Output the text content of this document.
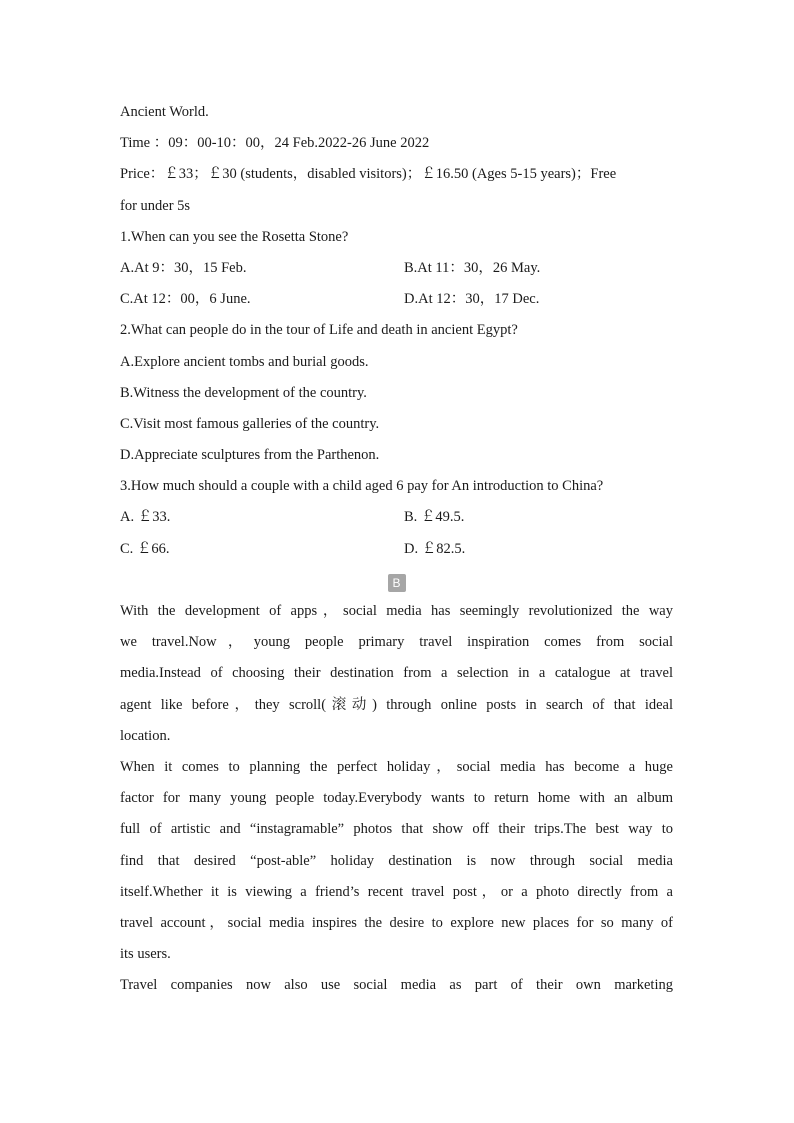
Ancient World.
Time ：09：00-10：00，24 Feb.2022-26 June 2022
Price：￡33；￡30 (students，disabled visitors)；￡16.50 (Ages 5-15 years)；Free
for under 5s
1.When can you see the Rosetta Stone?
A.At 9：30，15 Feb.	B.At 11：30，26 May.
C.At 12：00，6 June.	D.At 12：30，17 Dec.
2.What can people do in the tour of Life and death in ancient Egypt?
A.Explore ancient tombs and burial goods.
B.Witness the development of the country.
C.Visit most famous galleries of the country.
D.Appreciate sculptures from the Parthenon.
3.How much should a couple with a child aged 6 pay for An introduction to China?
A. ￡33.	B. ￡49.5.
C. ￡66.	D. ￡82.5.
B
With the development of apps，social media has seemingly revolutionized the way
we travel.Now，young people primary travel inspiration comes from social
media.Instead of choosing their destination from a selection in a catalogue at travel
agent like before，they scroll(滚动) through online posts in search of that ideal
location.
When it comes to planning the perfect holiday，social media has become a huge
factor for many young people today.Everybody wants to return home with an album
full of artistic and “instagramable” photos that show off their trips.The best way to
find that desired “post-able” holiday destination is now through social media
itself.Whether it is viewing a friend’s recent travel post，or a photo directly from a
travel account，social media inspires the desire to explore new places for so many of
its users.
Travel companies now also use social media as part of their own marketing
